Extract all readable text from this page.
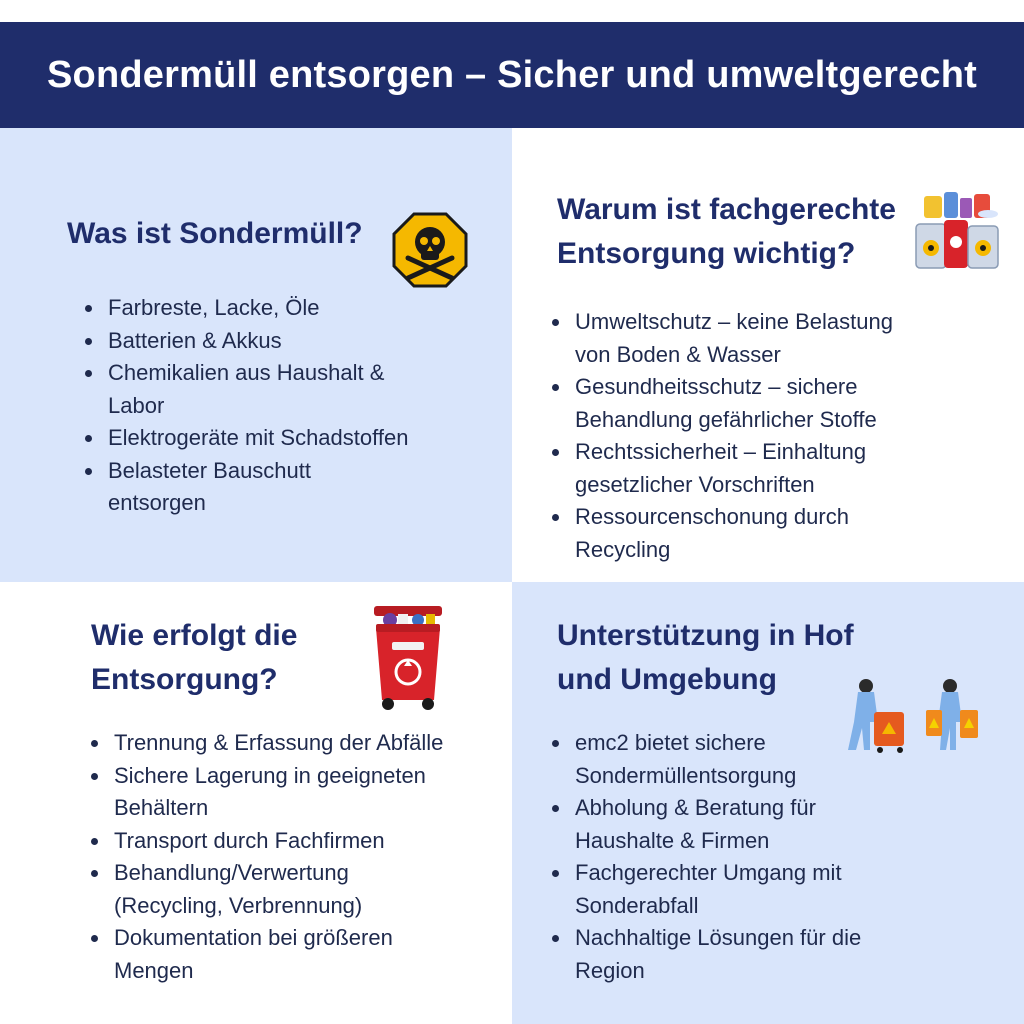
Sondermüll entsorgen – Sicher und umweltgerecht
Was ist Sondermüll?
Farbreste, Lacke, Öle
Batterien & Akkus
Chemikalien aus Haushalt & Labor
Elektrogeräte mit Schadstoffen
Belasteter Bauschutt entsorgen
Warum ist fachgerechte Entsorgung wichtig?
Umweltschutz – keine Belastung von Boden & Wasser
Gesundheitsschutz – sichere Behandlung gefährlicher Stoffe
Rechtssicherheit – Einhaltung gesetzlicher Vorschriften
Ressourcenschonung durch Recycling
Wie erfolgt die Entsorgung?
Trennung & Erfassung der Abfälle
Sichere Lagerung in geeigneten Behältern
Transport durch Fachfirmen
Behandlung/Verwertung (Recycling, Verbrennung)
Dokumentation bei größeren Mengen
Unterstützung in Hof und Umgebung
emc2 bietet sichere Sondermüllentsorgung
Abholung & Beratung für Haushalte & Firmen
Fachgerechter Umgang mit Sonderabfall
Nachhaltige Lösungen für die Region
